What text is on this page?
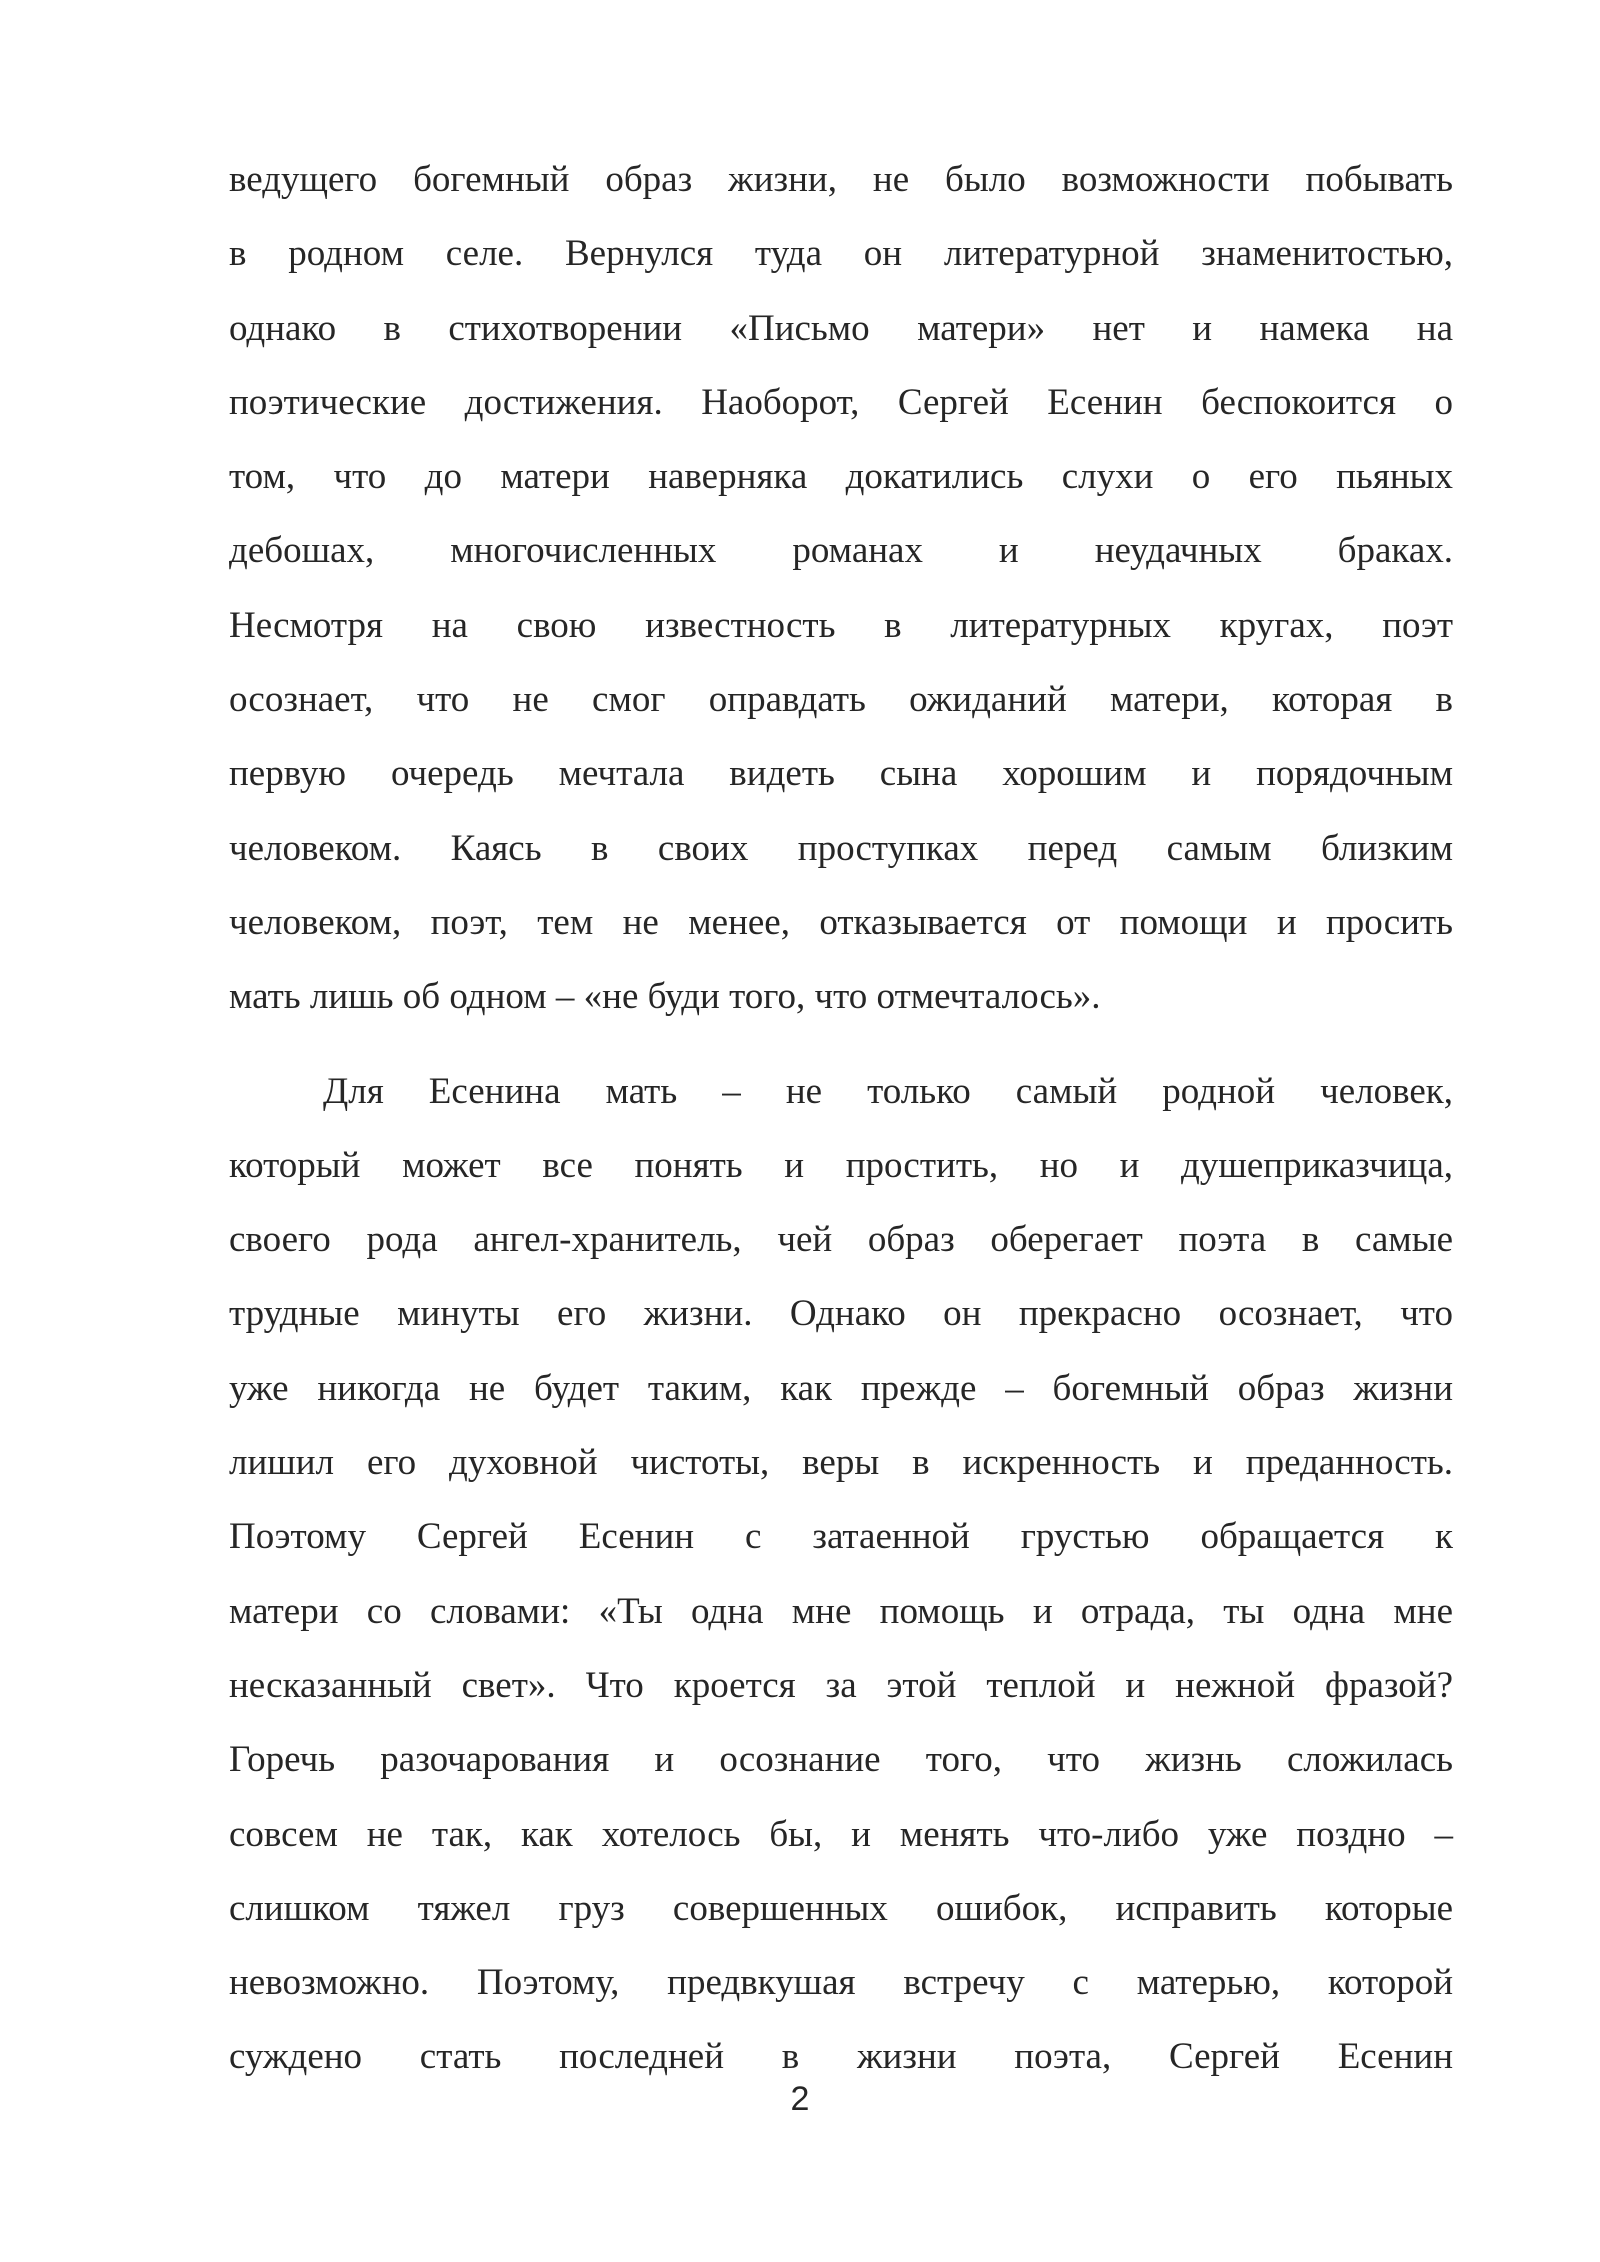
ведущего богемный образ жизни, не было возможности побывать
в родном селе. Вернулся туда он литературной знаменитостью,
однако в стихотворении «Письмо матери» нет и намека на
поэтические достижения. Наоборот, Сергей Есенин беспокоится о
том, что до матери наверняка докатились слухи о его пьяных
дебошах, многочисленных романах и неудачных браках.
Несмотря на свою известность в литературных кругах, поэт
осознает, что не смог оправдать ожиданий матери, которая в
первую очередь мечтала видеть сына хорошим и порядочным
человеком. Каясь в своих проступках перед самым близким
человеком, поэт, тем не менее, отказывается от помощи и просить
мать лишь об одном – «не буди того, что отмечталось».
Для Есенина мать – не только самый родной человек,
который может все понять и простить, но и душеприказчица,
своего рода ангел-хранитель, чей образ оберегает поэта в самые
трудные минуты его жизни. Однако он прекрасно осознает, что
уже никогда не будет таким, как прежде – богемный образ жизни
лишил его духовной чистоты, веры в искренность и преданность.
Поэтому Сергей Есенин с затаенной грустью обращается к
матери со словами: «Ты одна мне помощь и отрада, ты одна мне
несказанный свет». Что кроется за этой теплой и нежной фразой?
Горечь разочарования и осознание того, что жизнь сложилась
совсем не так, как хотелось бы, и менять что-либо уже поздно –
слишком тяжел груз совершенных ошибок, исправить которые
невозможно. Поэтому, предвкушая встречу с матерью, которой
суждено стать последней в жизни поэта, Сергей Есенин
2
